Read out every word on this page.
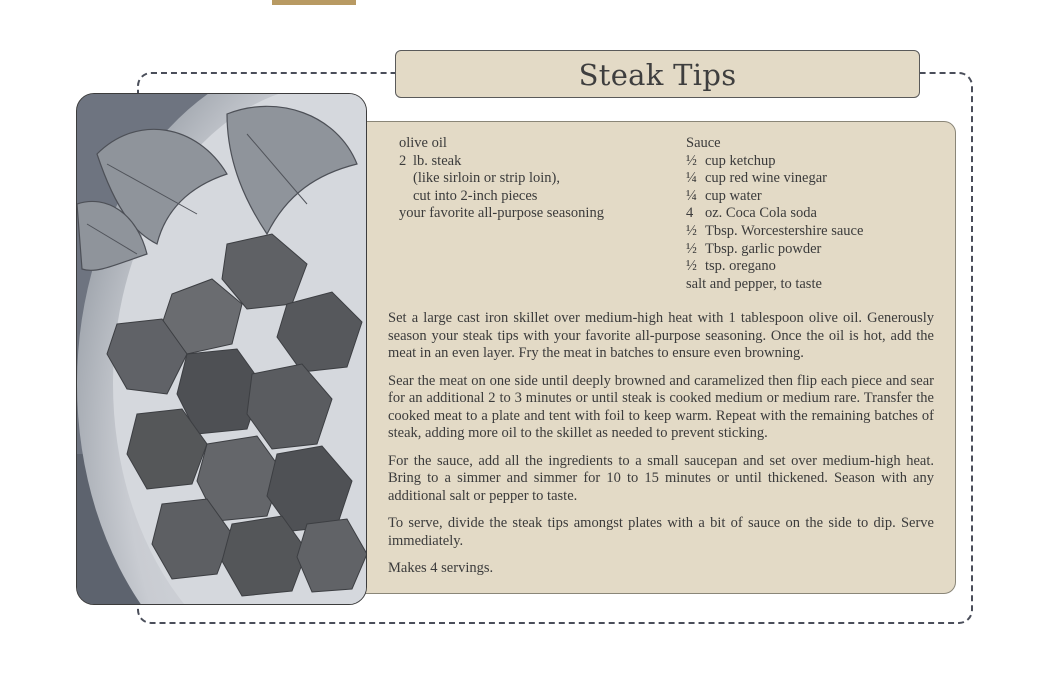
Steak Tips
olive oil
2 lb. steak
(like sirloin or strip loin),
cut into 2-inch pieces
your favorite all-purpose seasoning
Sauce
½ cup ketchup
¼ cup red wine vinegar
¼ cup water
4 oz. Coca Cola soda
½ Tbsp. Worcestershire sauce
½ Tbsp. garlic powder
½ tsp. oregano
salt and pepper, to taste

Set a large cast iron skillet over medium-high heat with 1 tablespoon olive oil. Generously season your steak tips with your favorite all-purpose seasoning. Once the oil is hot, add the meat in an even layer. Fry the meat in batches to ensure even browning.

Sear the meat on one side until deeply browned and caramelized then flip each piece and sear for an additional 2 to 3 minutes or until steak is cooked medium or medium rare. Transfer the cooked meat to a plate and tent with foil to keep warm. Repeat with the remaining batches of steak, adding more oil to the skillet as needed to prevent sticking.

For the sauce, add all the ingredients to a small saucepan and set over medium-high heat. Bring to a simmer and simmer for 10 to 15 minutes or until thickened. Season with any additional salt or pepper to taste.

To serve, divide the steak tips amongst plates with a bit of sauce on the side to dip. Serve immediately.

Makes 4 servings.
